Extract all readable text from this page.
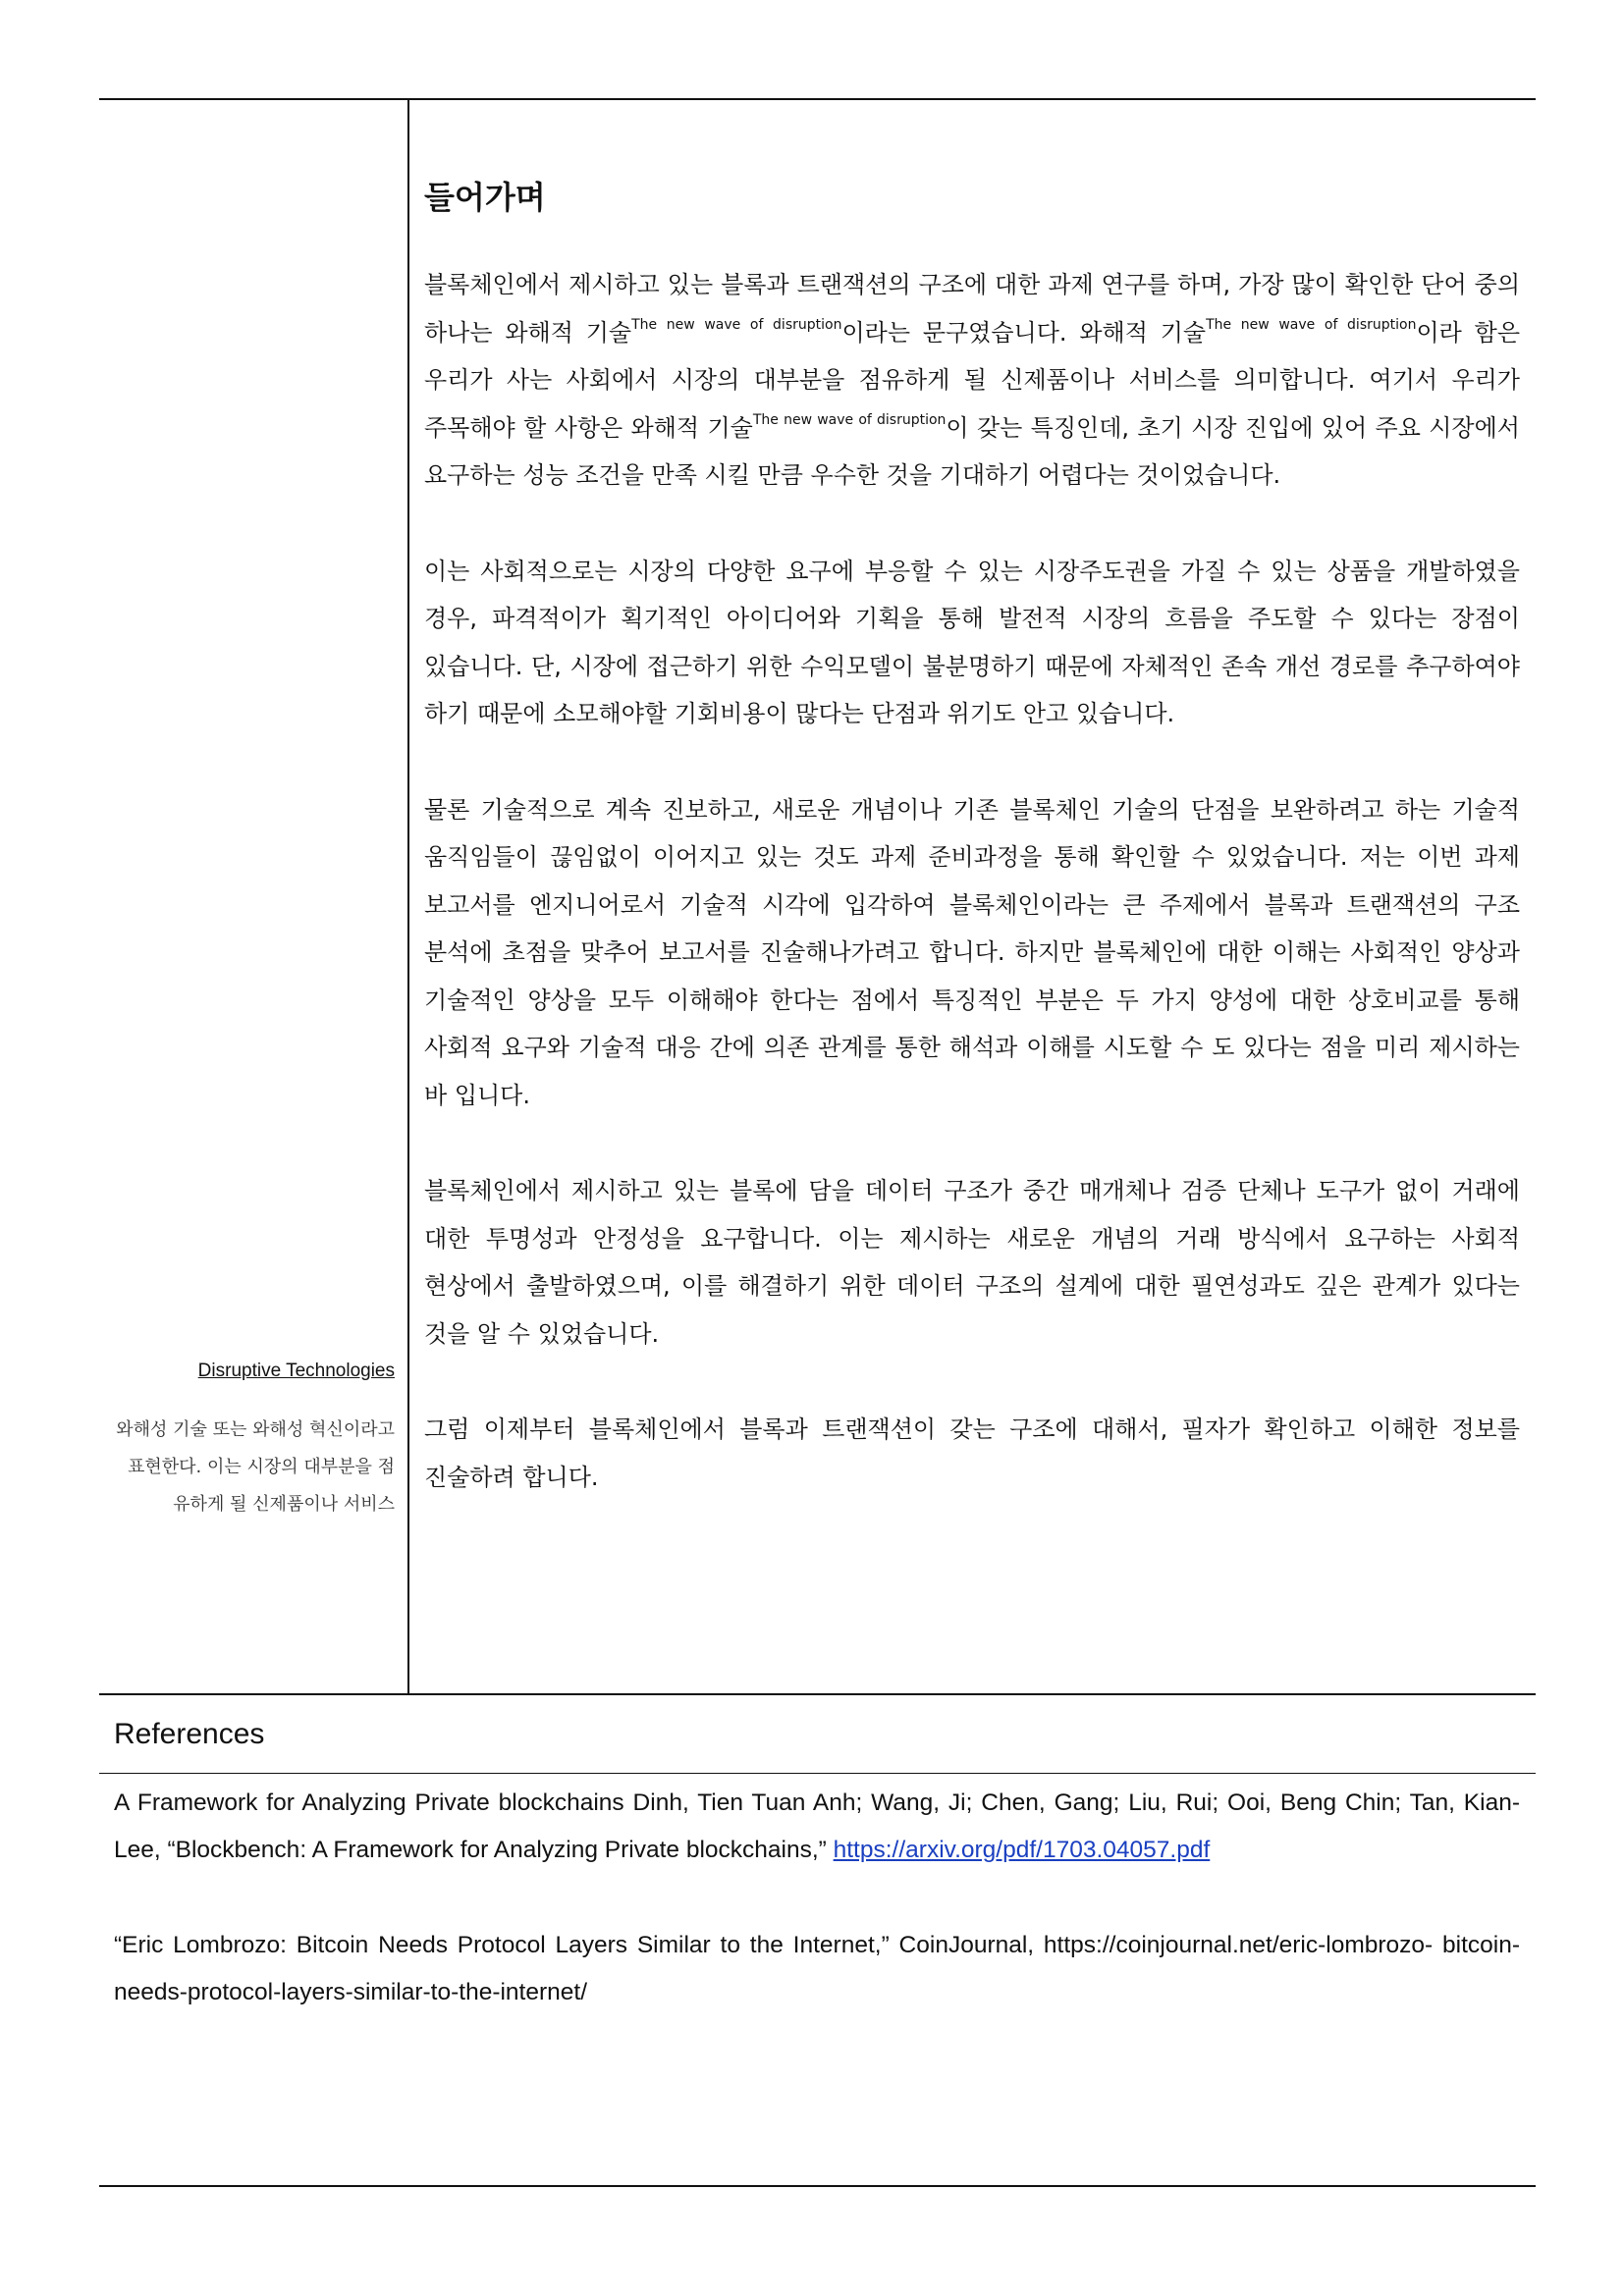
들어가며

블록체인에서 제시하고 있는 블록과 트랜잭션의 구조에 대한 과제 연구를 하며, 가장 많이 확인한 단어 중의 하나는 와해적 기술$^{The new wave of disruption}$이라는 문구였습니다. 와해적 기술$^{The new wave of disruption}$이라 함은 우리가 사는 사회에서 시장의 대부분을 점유하게 될 신제품이나 서비스를 의미합니다. 여기서 우리가 주목해야 할 사항은 와해적 기술$^{The new wave of disruption}$이 갖는 특징인데, 초기 시장 진입에 있어 주요 시장에서 요구하는 성능 조건을 만족 시킬 만큼 우수한 것을 기대하기 어렵다는 것이었습니다.

이는 사회적으로는 시장의 다양한 요구에 부응할 수 있는 시장주도권을 가질 수 있는 상품을 개발하였을 경우, 파격적이가 획기적인 아이디어와 기획을 통해 발전적 시장의 흐름을 주도할 수 있다는 장점이 있습니다. 단, 시장에 접근하기 위한 수익모델이 불분명하기 때문에 자체적인 존속 개선 경로를 추구하여야 하기 때문에 소모해야할 기회비용이 많다는 단점과 위기도 안고 있습니다.

물론 기술적으로 계속 진보하고, 새로운 개념이나 기존 블록체인 기술의 단점을 보완하려고 하는 기술적 움직임들이 끊임없이 이어지고 있는 것도 과제 준비과정을 통해 확인할 수 있었습니다. 저는 이번 과제 보고서를 엔지니어로서 기술적 시각에 입각하여 블록체인이라는 큰 주제에서 블록과 트랜잭션의 구조 분석에 초점을 맞추어 보고서를 진술해나가려고 합니다. 하지만 블록체인에 대한 이해는 사회적인 양상과 기술적인 양상을 모두 이해해야 한다는 점에서 특징적인 부분은 두 가지 양성에 대한 상호비교를 통해 사회적 요구와 기술적 대응 간에 의존 관계를 통한 해석과 이해를 시도할 수 도 있다는 점을 미리 제시하는 바 입니다.

블록체인에서 제시하고 있는 블록에 담을 데이터 구조가 중간 매개체나 검증 단체나 도구가 없이 거래에 대한 투명성과 안정성을 요구합니다. 이는 제시하는 새로운 개념의 거래 방식에서 요구하는 사회적 현상에서 출발하였으며, 이를 해결하기 위한 데이터 구조의 설계에 대한 필연성과도 깊은 관계가 있다는 것을 알 수 있었습니다.

그럼 이제부터 블록체인에서 블록과 트랜잭션이 갖는 구조에 대해서, 필자가 확인하고 이해한 정보를 진술하려 합니다.

Disruptive Technologies
와해성 기술 또는 와해성 혁신이라고 표현한다. 이는 시장의 대부분을 점유하게 될 신제품이나 서비스
References

A Framework for Analyzing Private blockchains Dinh, Tien Tuan Anh; Wang, Ji; Chen, Gang; Liu, Rui; Ooi, Beng Chin; Tan, Kian-Lee, “Blockbench: A Framework for Analyzing Private blockchains,” https://arxiv.org/pdf/1703.04057.pdf

“Eric Lombrozo: Bitcoin Needs Protocol Layers Similar to the Internet,” CoinJournal, https://coinjournal.net/eric-lombrozo- bitcoin-needs-protocol-layers-similar-to-the-internet/
